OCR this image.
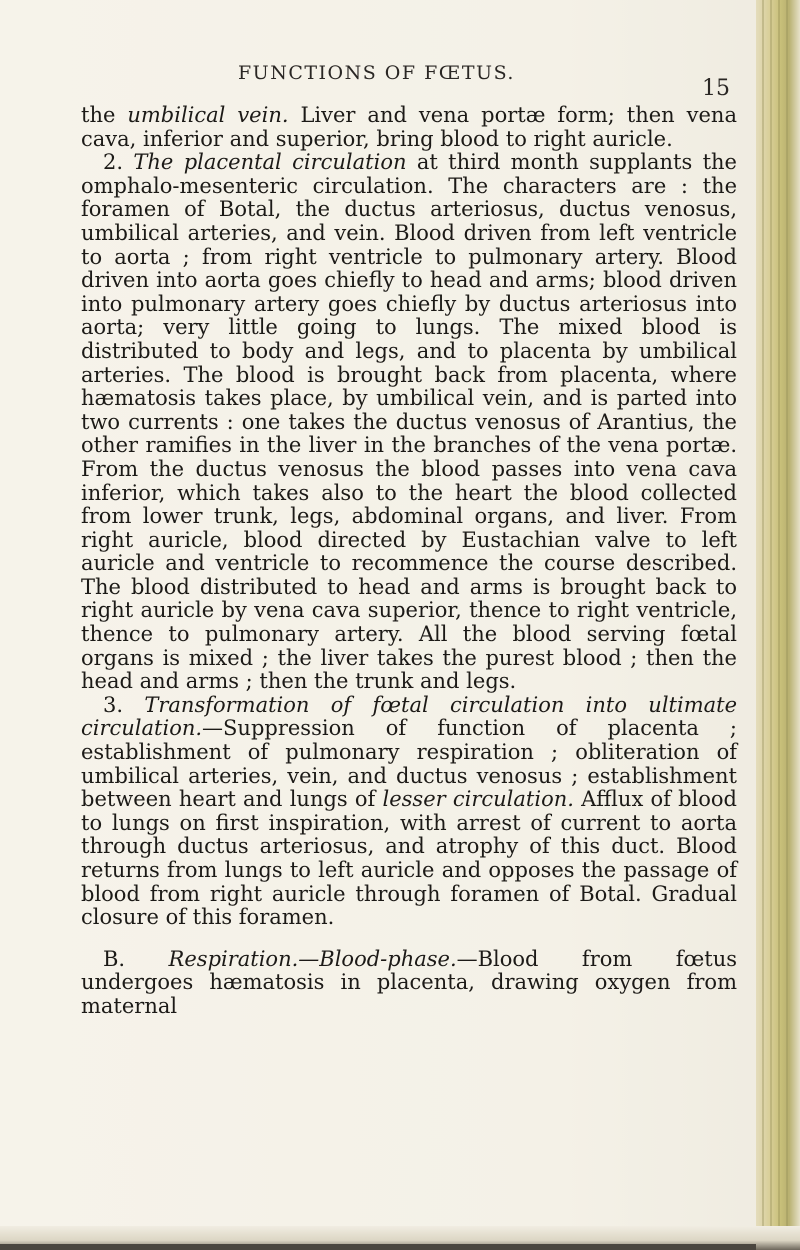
FUNCTIONS OF FŒTUS.
15

the umbilical vein. Liver and vena portæ form; then vena cava, inferior and superior, bring blood to right auricle.

2. The placental circulation at third month supplants the omphalo-mesenteric circulation. The characters are : the foramen of Botal, the ductus arteriosus, ductus venosus, umbilical arteries, and vein. Blood driven from left ventricle to aorta ; from right ventricle to pulmonary artery. Blood driven into aorta goes chiefly to head and arms; blood driven into pulmonary artery goes chiefly by ductus arteriosus into aorta; very little going to lungs. The mixed blood is distributed to body and legs, and to placenta by umbilical arteries. The blood is brought back from placenta, where hæmatosis takes place, by umbilical vein, and is parted into two currents : one takes the ductus venosus of Arantius, the other ramifies in the liver in the branches of the vena portæ. From the ductus venosus the blood passes into vena cava inferior, which takes also to the heart the blood collected from lower trunk, legs, abdominal organs, and liver. From right auricle, blood directed by Eustachian valve to left auricle and ventricle to recommence the course described. The blood distributed to head and arms is brought back to right auricle by vena cava superior, thence to right ventricle, thence to pulmonary artery. All the blood serving fœtal organs is mixed ; the liver takes the purest blood ; then the head and arms ; then the trunk and legs.

3. Transformation of fœtal circulation into ultimate circulation.—Suppression of function of placenta ; establishment of pulmonary respiration ; obliteration of umbilical arteries, vein, and ductus venosus ; establishment between heart and lungs of lesser circulation. Afflux of blood to lungs on first inspiration, with arrest of current to aorta through ductus arteriosus, and atrophy of this duct. Blood returns from lungs to left auricle and opposes the passage of blood from right auricle through foramen of Botal. Gradual closure of this foramen.

B. Respiration.—Blood-phase.—Blood from fœtus undergoes hæmatosis in placenta, drawing oxygen from maternal
